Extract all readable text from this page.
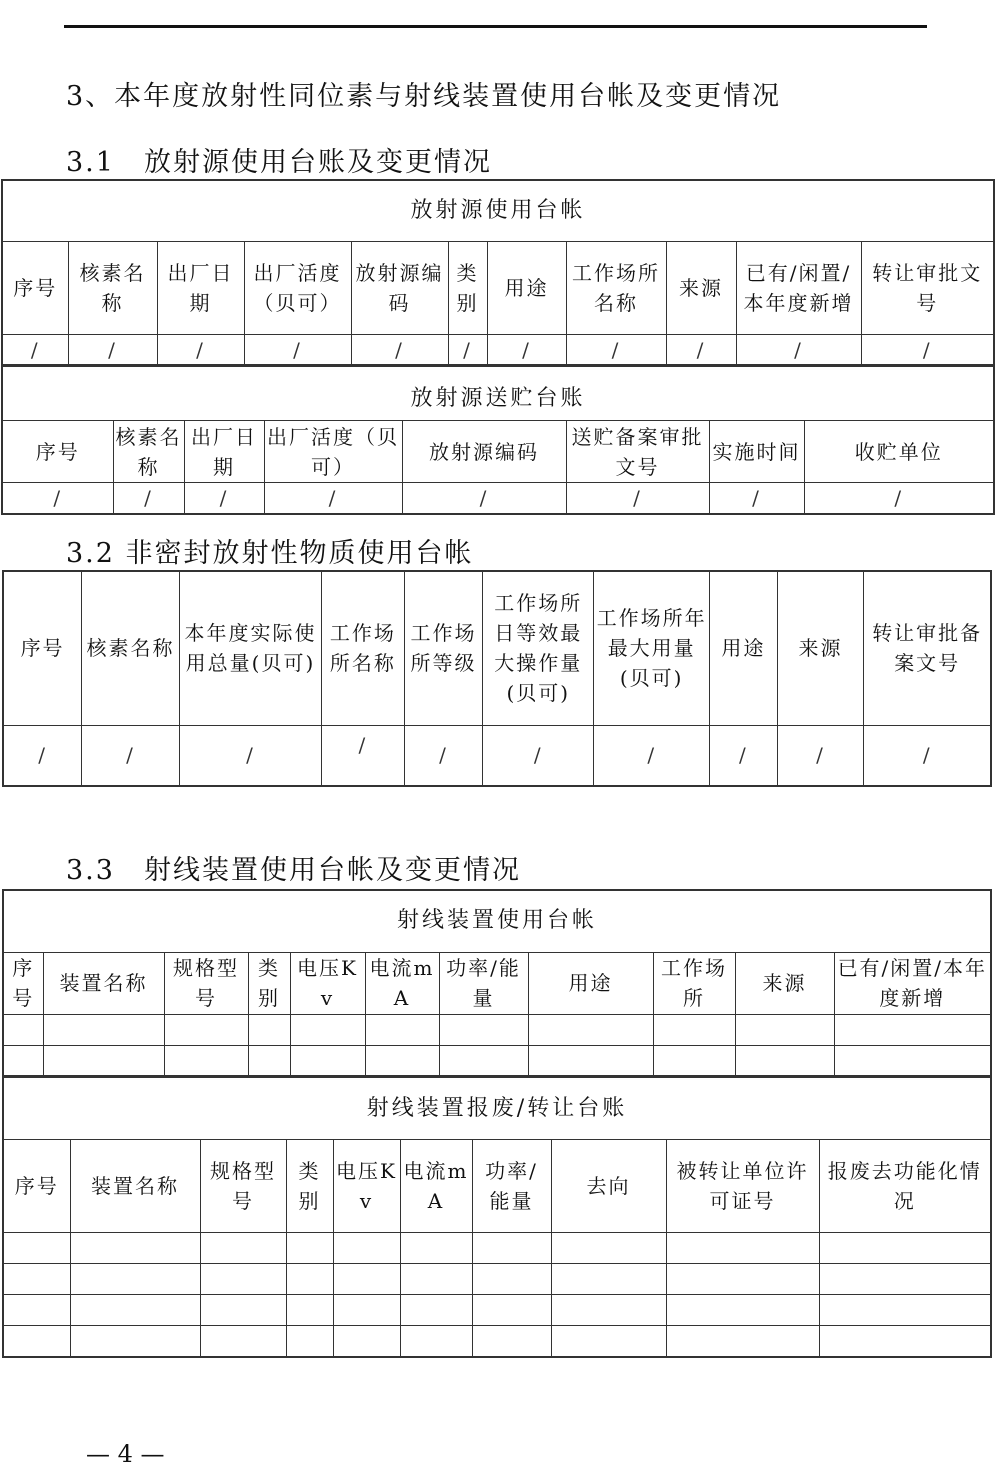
3、本年度放射性同位素与射线装置使用台帐及变更情况
3.1　放射源使用台账及变更情况
放射源使用台帐										
序号	核素名称	出厂日期	出厂活度（贝可）	放射源编码	类别	用途	工作场所名称	来源	已有/闲置/本年度新增	转让审批文号
/	/	/	/	/	/	/	/	/	/	/
放射源送贮台账							
序号	核素名称	出厂日期	出厂活度（贝可）	放射源编码	送贮备案审批文号	实施时间	收贮单位
/	/	/	/	/	/	/	/
3.2 非密封放射性物质使用台帐
序号	核素名称	本年度实际使用总量(贝可)	工作场所名称	工作场所等级	工作场所日等效最大操作量(贝可)	工作场所年最大用量(贝可)	用途	来源	转让审批备案文号
/	/	/	/	/	/	/	/	/	/
3.3　射线装置使用台帐及变更情况
射线装置使用台帐										
序号	装置名称	规格型号	类别	电压Kv	电流mA	功率/能量	用途	工作场所	来源	已有/闲置/本年度新增

射线装置报废/转让台账									
序号	装置名称	规格型号	类别	电压Kv	电流mA	功率/能量	去向	被转让单位许可证号	报废去功能化情况

— 4 —
